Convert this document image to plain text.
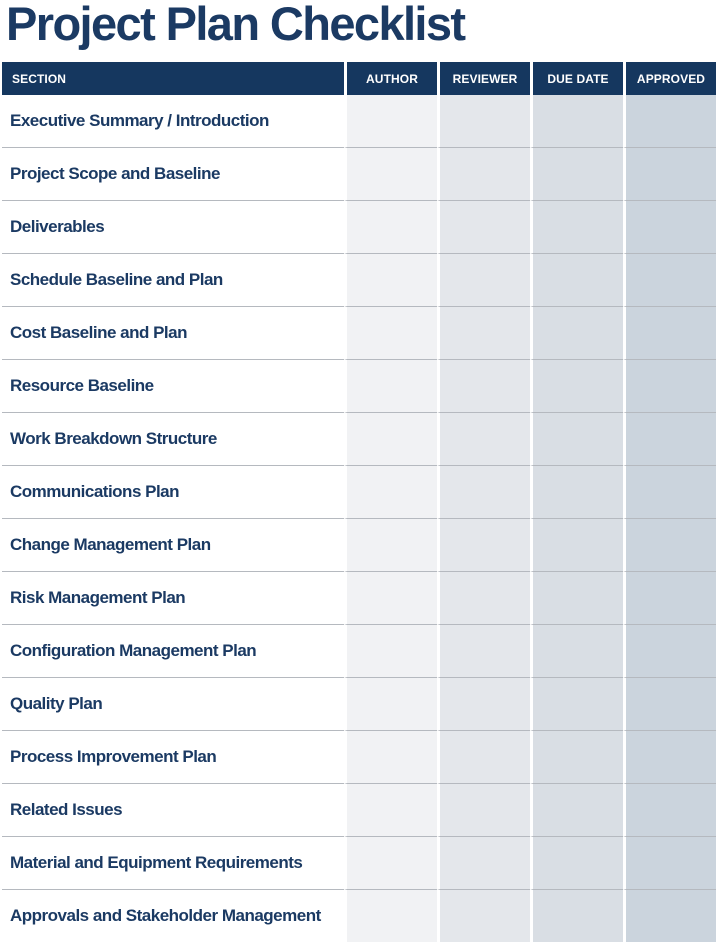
Project Plan Checklist
SECTION	AUTHOR	REVIEWER	DUE DATE	APPROVED
Executive Summary / Introduction				
Project Scope and Baseline				
Deliverables				
Schedule Baseline and Plan				
Cost Baseline and Plan				
Resource Baseline				
Work Breakdown Structure				
Communications Plan				
Change Management Plan				
Risk Management Plan				
Configuration Management Plan				
Quality Plan				
Process Improvement Plan				
Related Issues				
Material and Equipment Requirements				
Approvals and Stakeholder Management				
